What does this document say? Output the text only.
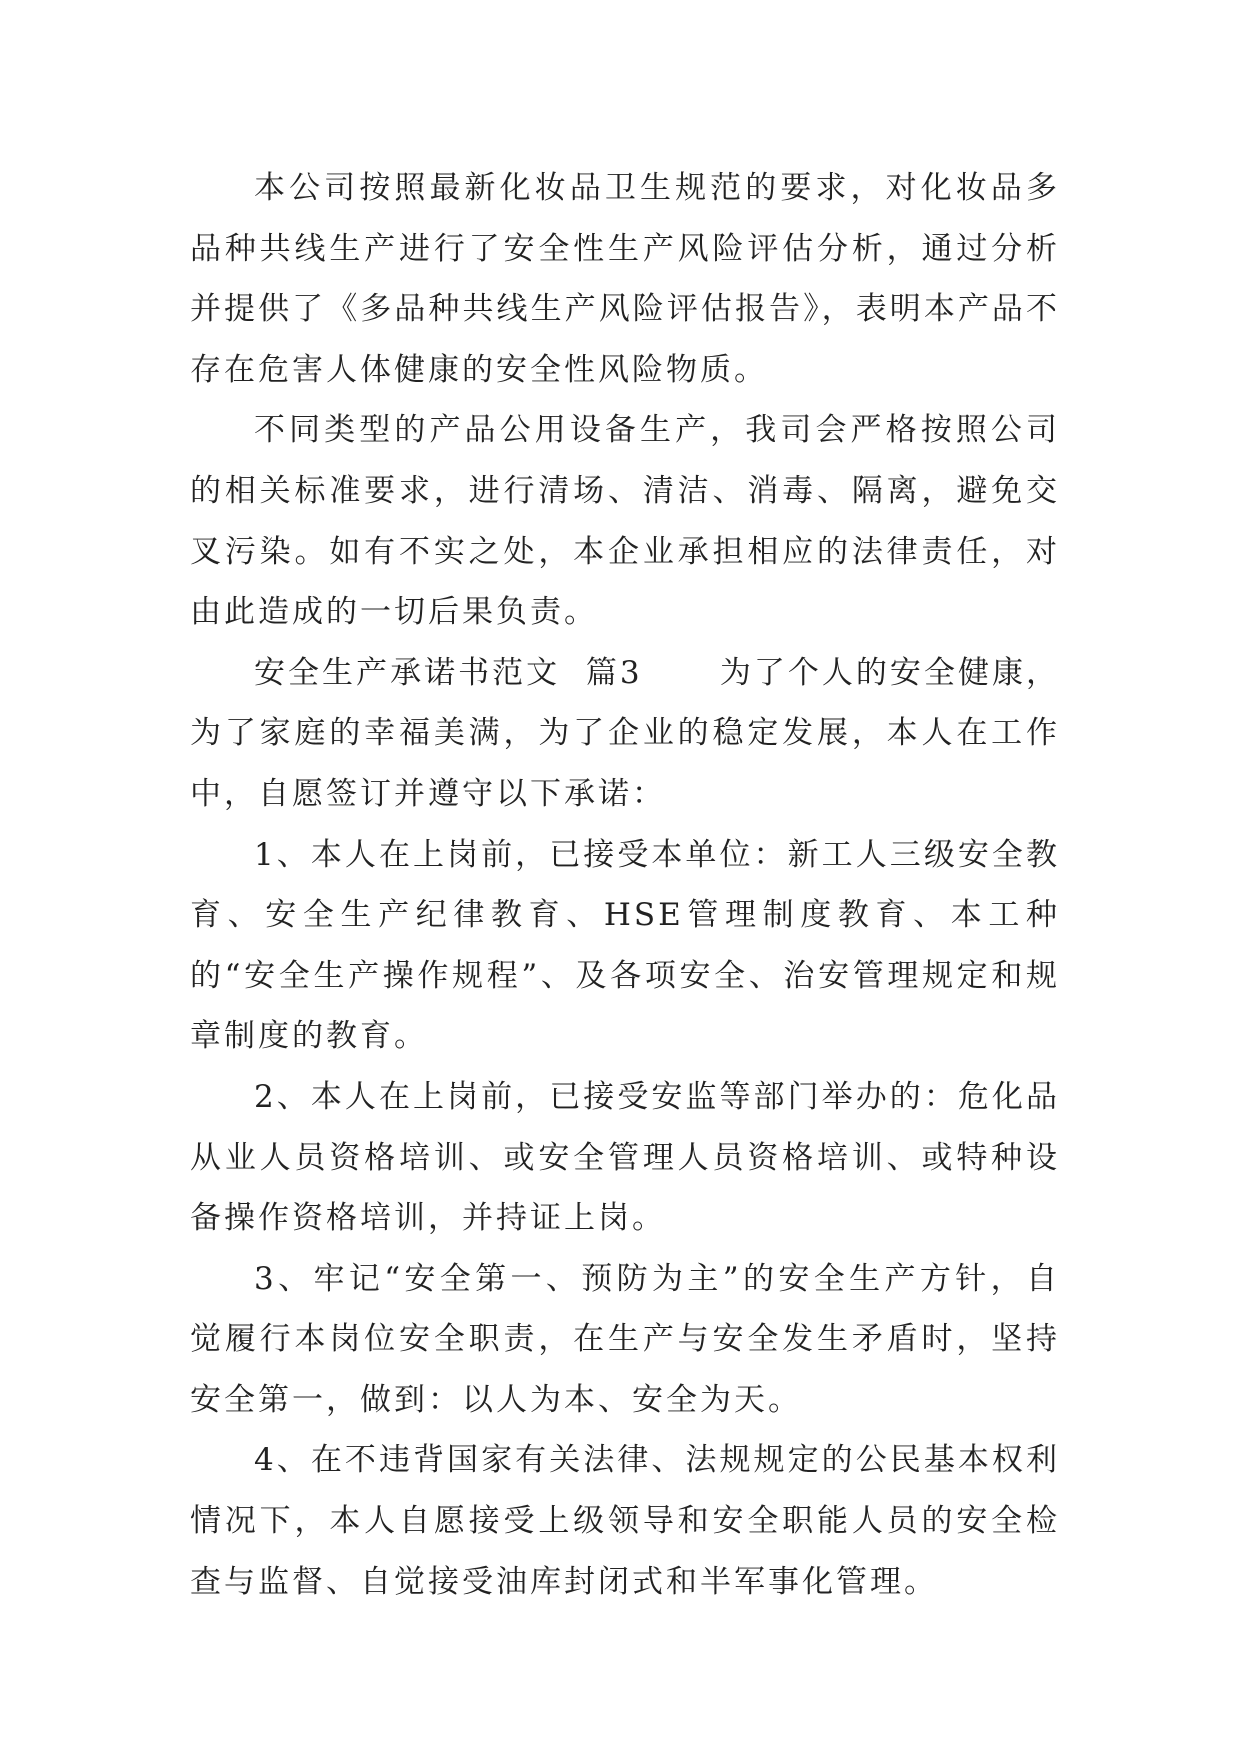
本公司按照最新化妆品卫生规范的要求，对化妆品多品种共线生产进行了安全性生产风险评估分析，通过分析并提供了《多品种共线生产风险评估报告》，表明本产品不存在危害人体健康的安全性风险物质。

不同类型的产品公用设备生产，我司会严格按照公司的相关标准要求，进行清场、清洁、消毒、隔离，避免交叉污染。如有不实之处，本企业承担相应的法律责任，对由此造成的一切后果负责。

安全生产承诺书范文  篇3      为了个人的安全健康，为了家庭的幸福美满，为了企业的稳定发展，本人在工作中，自愿签订并遵守以下承诺：

1、本人在上岗前，已接受本单位：新工人三级安全教育、安全生产纪律教育、HSE管理制度教育、本工种的“安全生产操作规程”、及各项安全、治安管理规定和规章制度的教育。

2、本人在上岗前，已接受安监等部门举办的：危化品从业人员资格培训、或安全管理人员资格培训、或特种设备操作资格培训，并持证上岗。

3、牢记“安全第一、预防为主”的安全生产方针，自觉履行本岗位安全职责，在生产与安全发生矛盾时，坚持安全第一，做到：以人为本、安全为天。

4、在不违背国家有关法律、法规规定的公民基本权利情况下，本人自愿接受上级领导和安全职能人员的安全检查与监督、自觉接受油库封闭式和半军事化管理。
